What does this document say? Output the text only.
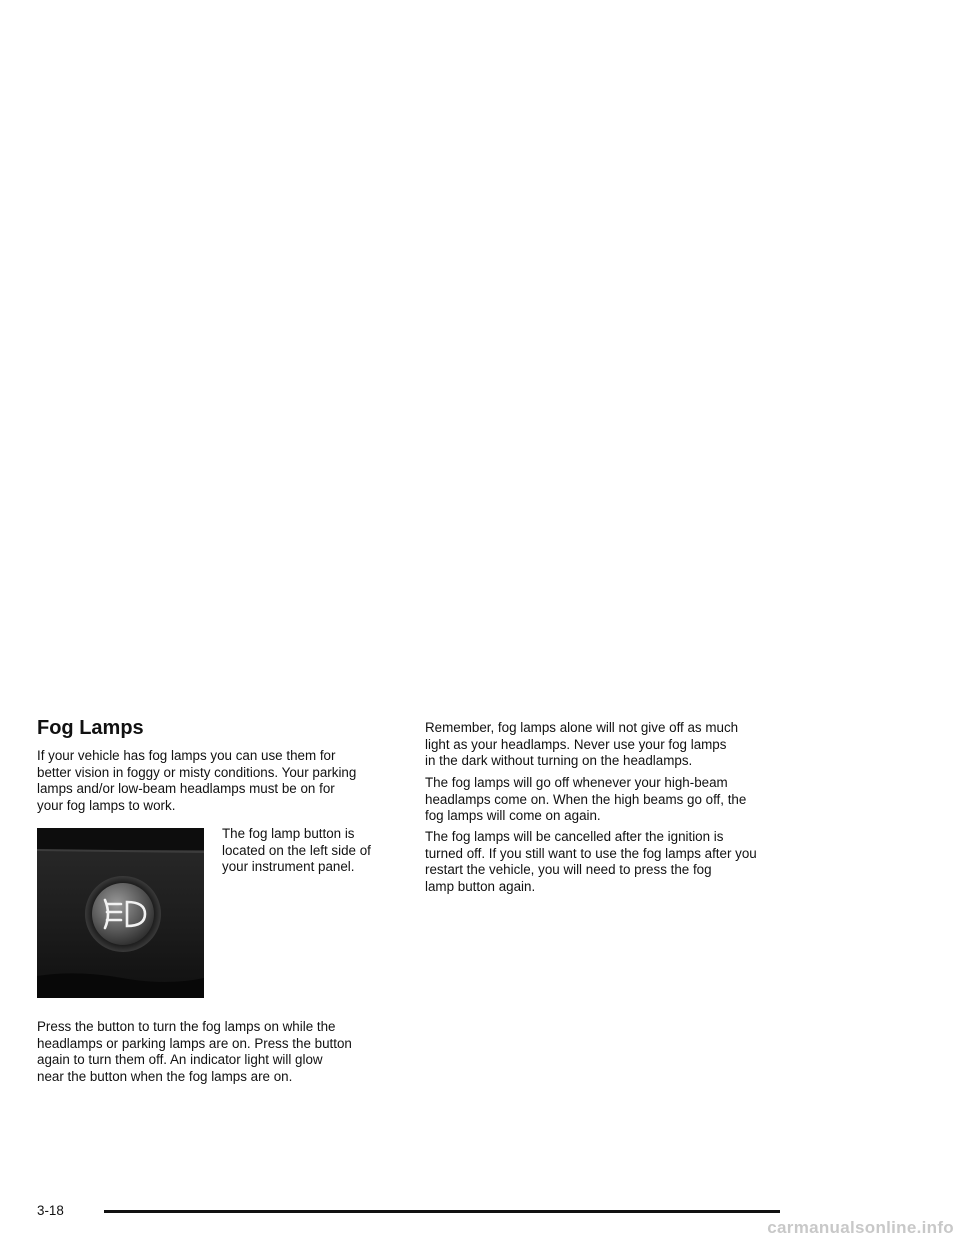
Fog Lamps

If your vehicle has fog lamps you can use them for
better vision in foggy or misty conditions. Your parking
lamps and/or low-beam headlamps must be on for
your fog lamps to work.

The fog lamp button is
located on the left side of
your instrument panel.

Press the button to turn the fog lamps on while the
headlamps or parking lamps are on. Press the button
again to turn them off. An indicator light will glow
near the button when the fog lamps are on.

Remember, fog lamps alone will not give off as much
light as your headlamps. Never use your fog lamps
in the dark without turning on the headlamps.

The fog lamps will go off whenever your high-beam
headlamps come on. When the high beams go off, the
fog lamps will come on again.

The fog lamps will be cancelled after the ignition is
turned off. If you still want to use the fog lamps after you
restart the vehicle, you will need to press the fog
lamp button again.

3-18

carmanualsonline.info
